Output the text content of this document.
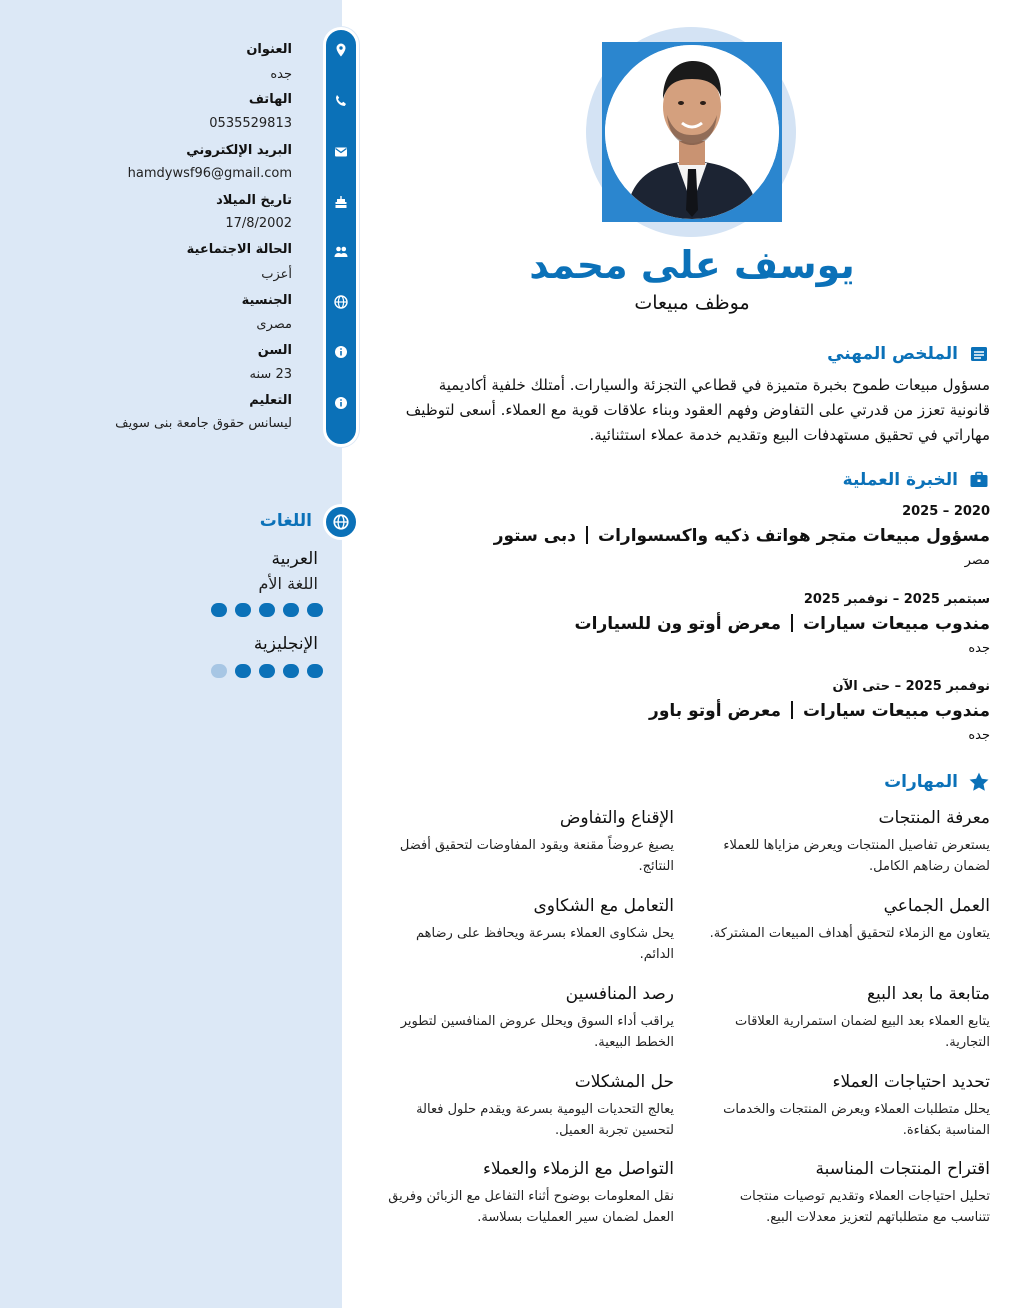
العنوان
جده
الهاتف
0535529813
البريد الإلكتروني
hamdywsf96@gmail.com
تاريخ الميلاد
17/8/2002
الحالة الاجتماعية
أعزب
الجنسية
مصرى
السن
23 سنه
التعليم
ليسانس حقوق جامعة بنى سويف
اللغات
العربية
اللغة الأم
الإنجليزية
يوسف على محمد
موظف مبيعات
الملخص المهني
مسؤول مبيعات طموح بخبرة متميزة في قطاعي التجزئة والسيارات. أمتلك خلفية أكاديمية قانونية تعزز من قدرتي على التفاوض وفهم العقود وبناء علاقات قوية مع العملاء. أسعى لتوظيف مهاراتي في تحقيق مستهدفات البيع وتقديم خدمة عملاء استثنائية.
الخبرة العملية
2020 – 2025
مسؤول مبيعات متجر هواتف ذكيه واكسسواراتدبى ستور
مصر
سبتمبر 2025 – نوفمبر 2025
مندوب مبيعات سياراتمعرض أوتو ون للسيارات
جده
نوفمبر 2025 – حتى الآن
مندوب مبيعات سياراتمعرض أوتو باور
جده
المهارات
معرفة المنتجات
يستعرض تفاصيل المنتجات ويعرض مزاياها للعملاء لضمان رضاهم الكامل.
الإقناع والتفاوض
يصيغ عروضاً مقنعة ويقود المفاوضات لتحقيق أفضل النتائج.
العمل الجماعي
يتعاون مع الزملاء لتحقيق أهداف المبيعات المشتركة.
التعامل مع الشكاوى
يحل شكاوى العملاء بسرعة ويحافظ على رضاهم الدائم.
متابعة ما بعد البيع
يتابع العملاء بعد البيع لضمان استمرارية العلاقات التجارية.
رصد المنافسين
يراقب أداء السوق ويحلل عروض المنافسين لتطوير الخطط البيعية.
تحديد احتياجات العملاء
يحلل متطلبات العملاء ويعرض المنتجات والخدمات المناسبة بكفاءة.
حل المشكلات
يعالج التحديات اليومية بسرعة ويقدم حلول فعالة لتحسين تجربة العميل.
اقتراح المنتجات المناسبة
تحليل احتياجات العملاء وتقديم توصيات منتجات تتناسب مع متطلباتهم لتعزيز معدلات البيع.
التواصل مع الزملاء والعملاء
نقل المعلومات بوضوح أثناء التفاعل مع الزبائن وفريق العمل لضمان سير العمليات بسلاسة.
